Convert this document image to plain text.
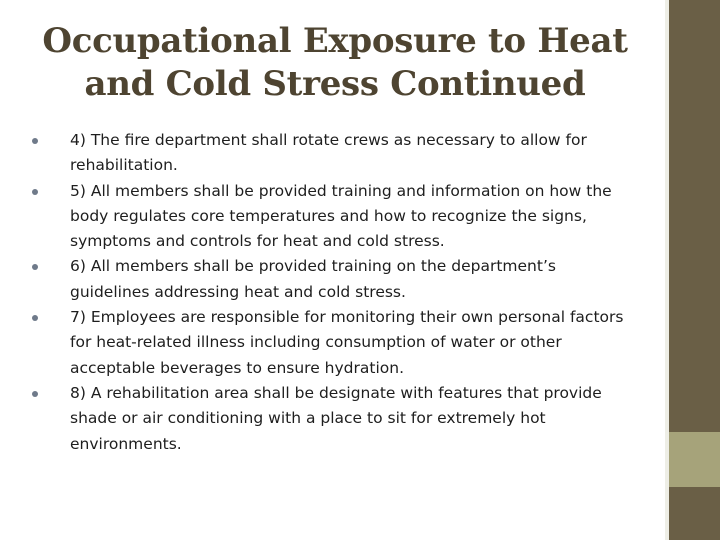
Occupational Exposure to Heat
and Cold Stress Continued
4) The fire department shall rotate crews as necessary to allow for rehabilitation.
5) All members shall be provided training and information on how the body regulates core temperatures and how to recognize the signs, symptoms and controls for heat and cold stress.
6) All members shall be provided training on the department’s guidelines addressing heat and cold stress.
7) Employees are responsible for monitoring their own personal factors for heat-related illness including consumption of water or other acceptable beverages to ensure hydration.
8) A rehabilitation area shall be designate with features that provide shade or air conditioning with a place to sit for extremely hot environments.
